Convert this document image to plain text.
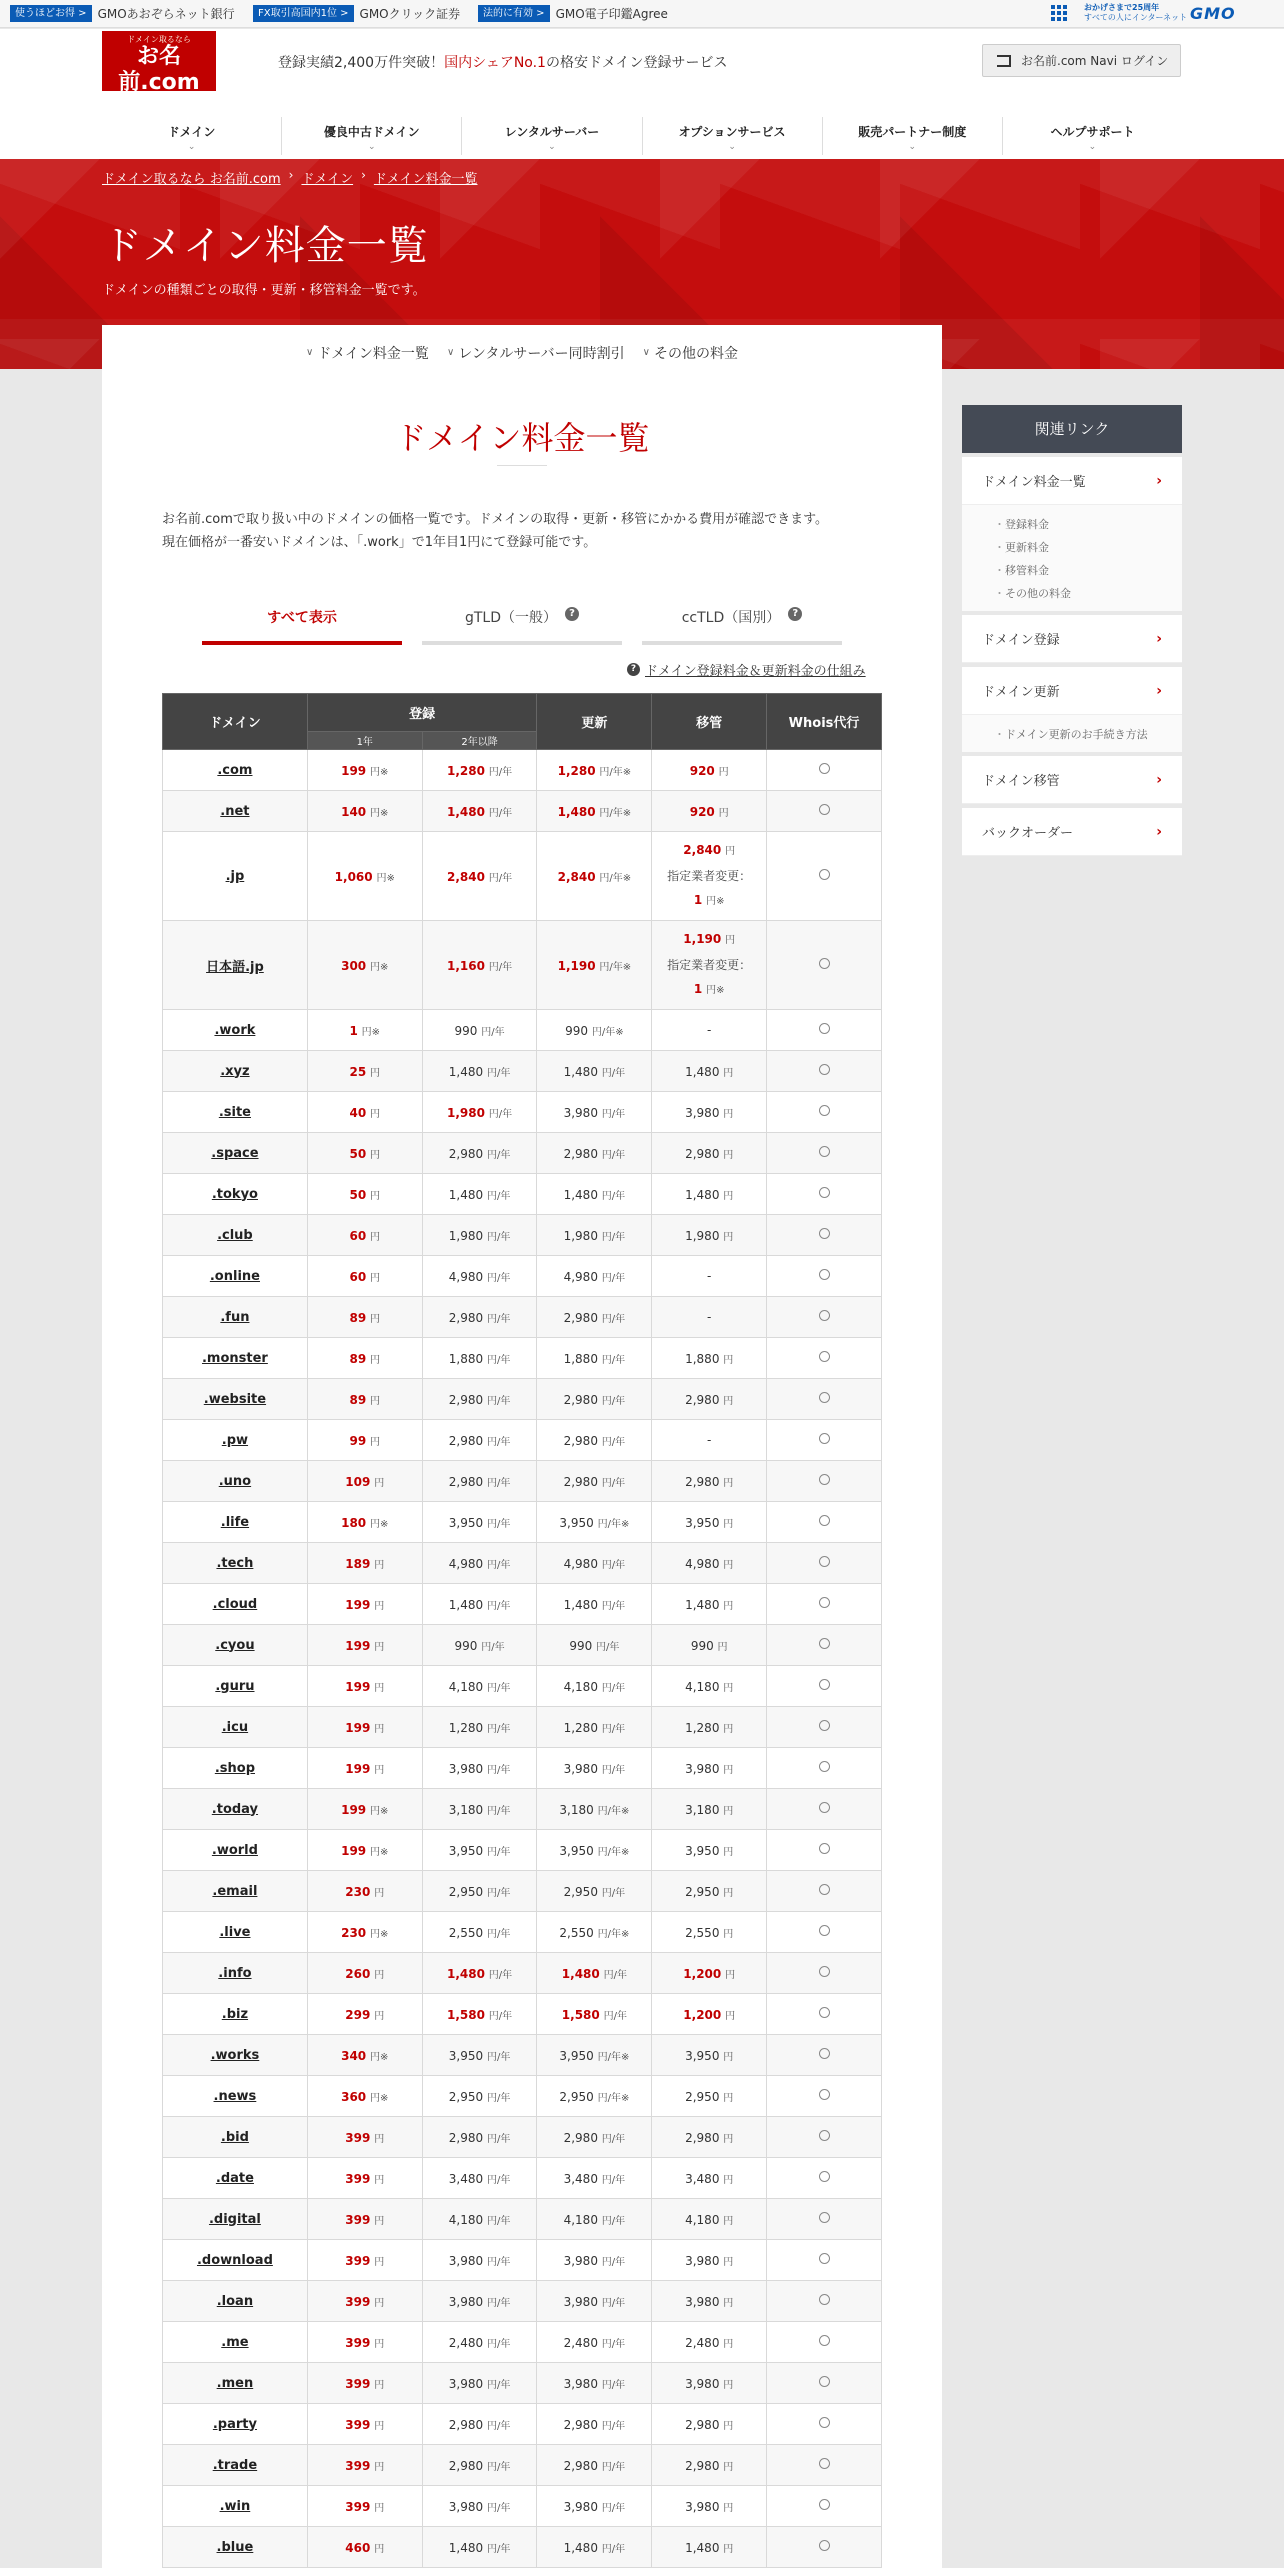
使うほどお得 > GMOあおぞらネット銀行	FX取引高国内1位 > GMOクリック証券	法的に有効 > GMO電子印鑑Agree	おかげさまで25周年
すべての人にインターネット GMO
ドメイン取るなら
お名前.com
https://www.onamae.com
登録実績2,400万件突破！国内シェアNo.1の格安ドメイン登録サービス	お名前.com Navi ログイン
ドメイン
⌄
優良中古ドメイン
⌄
レンタルサーバー
⌄
オプションサービス
⌄
販売パートナー制度
⌄
ヘルプサポート
⌄
ドメイン取るなら お名前.com › ドメイン › ドメイン料金一覧
ドメイン料金一覧
ドメインの種類ごとの取得・更新・移管料金一覧です。
∨ ドメイン料金一覧 ∨ レンタルサーバー同時割引 ∨ その他の料金
ドメイン料金一覧
お名前.comで取り扱い中のドメインの価格一覧です。ドメインの取得・更新・移管にかかる費用が確認できます。
現在価格が一番安いドメインは、「.work」で1年目1円にて登録可能です。
すべて表示	gTLD（一般）	?	ccTLD（国別）	?
? ドメイン登録料金＆更新料金の仕組み
ドメイン	登録		更新	移管	Whois代行
	1年	2年以降			
.com	199 円※	1,280 円/年	1,280 円/年※	920 円	
.net	140 円※	1,480 円/年	1,480 円/年※	920 円	
.jp	1,060 円※	2,840 円/年	2,840 円/年※	2,840 円
指定業者変更：
1 円※	

日本語.jp	300 円※	1,160 円/年	1,190 円/年※	1,190 円
指定業者変更：
1 円※	

.work	1 円※	990 円/年	990 円/年※	-	
.xyz	25 円	1,480 円/年	1,480 円/年	1,480 円	
.site	40 円	1,980 円/年	3,980 円/年	3,980 円	
.space	50 円	2,980 円/年	2,980 円/年	2,980 円	
.tokyo	50 円	1,480 円/年	1,480 円/年	1,480 円	
.club	60 円	1,980 円/年	1,980 円/年	1,980 円	
.online	60 円	4,980 円/年	4,980 円/年	-	
.fun	89 円	2,980 円/年	2,980 円/年	-	
.monster	89 円	1,880 円/年	1,880 円/年	1,880 円	
.website	89 円	2,980 円/年	2,980 円/年	2,980 円	
.pw	99 円	2,980 円/年	2,980 円/年	-	
.uno	109 円	2,980 円/年	2,980 円/年	2,980 円	
.life	180 円※	3,950 円/年	3,950 円/年※	3,950 円	
.tech	189 円	4,980 円/年	4,980 円/年	4,980 円	
.cloud	199 円	1,480 円/年	1,480 円/年	1,480 円	
.cyou	199 円	990 円/年	990 円/年	990 円	
.guru	199 円	4,180 円/年	4,180 円/年	4,180 円	
.icu	199 円	1,280 円/年	1,280 円/年	1,280 円	
.shop	199 円	3,980 円/年	3,980 円/年	3,980 円	
.today	199 円※	3,180 円/年	3,180 円/年※	3,180 円	
.world	199 円※	3,950 円/年	3,950 円/年※	3,950 円	
.email	230 円	2,950 円/年	2,950 円/年	2,950 円	
.live	230 円※	2,550 円/年	2,550 円/年※	2,550 円	
.info	260 円	1,480 円/年	1,480 円/年	1,200 円	
.biz	299 円	1,580 円/年	1,580 円/年	1,200 円	
.works	340 円※	3,950 円/年	3,950 円/年※	3,950 円	
.news	360 円※	2,950 円/年	2,950 円/年※	2,950 円	
.bid	399 円	2,980 円/年	2,980 円/年	2,980 円	
.date	399 円	3,480 円/年	3,480 円/年	3,480 円	
.digital	399 円	4,180 円/年	4,180 円/年	4,180 円	
.download	399 円	3,980 円/年	3,980 円/年	3,980 円	
.loan	399 円	3,980 円/年	3,980 円/年	3,980 円	
.me	399 円	2,480 円/年	2,480 円/年	2,480 円	
.men	399 円	3,980 円/年	3,980 円/年	3,980 円	
.party	399 円	2,980 円/年	2,980 円/年	2,980 円	
.trade	399 円	2,980 円/年	2,980 円/年	2,980 円	
.win	399 円	3,980 円/年	3,980 円/年	3,980 円	
.blue	460 円	1,480 円/年	1,480 円/年	1,480 円	
関連リンク
ドメイン料金一覧	›
・ 登録料金
・ 更新料金
・ 移管料金
・ その他の料金
ドメイン登録	›
ドメイン更新	›
・ ドメイン更新のお手続き方法
ドメイン移管	›
バックオーダー	›
